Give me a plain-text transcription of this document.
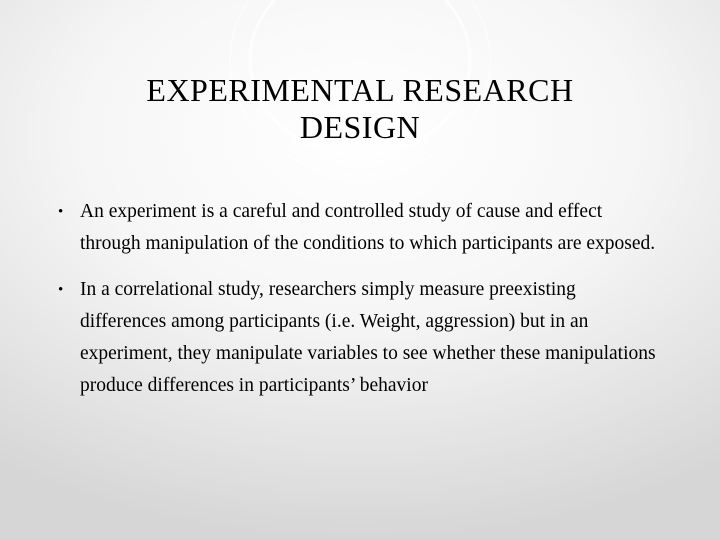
EXPERIMENTAL RESEARCH
DESIGN
• An experiment is a careful and controlled study of cause and effect through manipulation of the conditions to which participants are exposed.
• In a correlational study, researchers simply measure preexisting differences among participants (i.e. Weight, aggression) but in an experiment, they manipulate variables to see whether these manipulations produce differences in participants’ behavior
